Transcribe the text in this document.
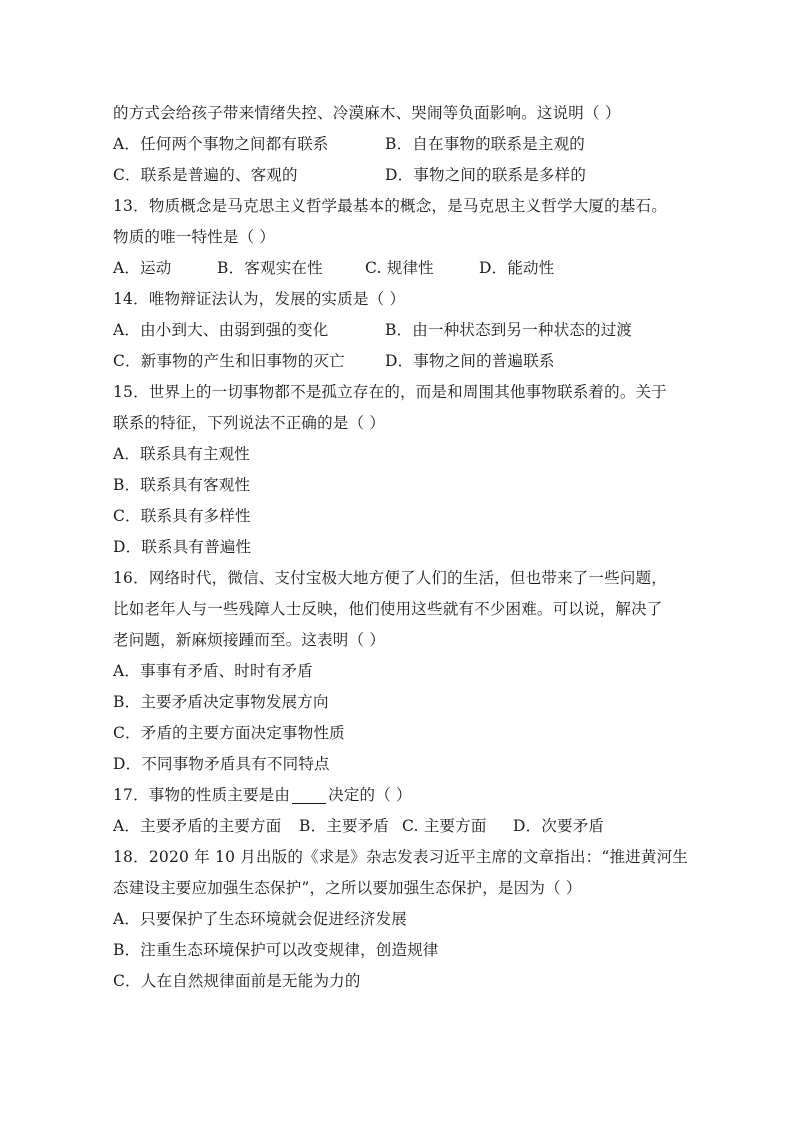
的方式会给孩子带来情绪失控、冷漠麻木、哭闹等负面影响。这说明（ ）
A．任何两个事物之间都有联系	B．自在事物的联系是主观的
C．联系是普遍的、客观的	D．事物之间的联系是多样的
13．物质概念是马克思主义哲学最基本的概念，是马克思主义哲学大厦的基石。
物质的唯一特性是（ ）
A．运动	B．客观实在性	C. 规律性	D．能动性
14．唯物辩证法认为，发展的实质是（ ）
A．由小到大、由弱到强的变化	B．由一种状态到另一种状态的过渡
C．新事物的产生和旧事物的灭亡	D．事物之间的普遍联系
15．世界上的一切事物都不是孤立存在的，而是和周围其他事物联系着的。关于
联系的特征，下列说法不正确的是（ ）
A．联系具有主观性
B．联系具有客观性
C．联系具有多样性
D．联系具有普遍性
16．网络时代，微信、支付宝极大地方便了人们的生活，但也带来了一些问题，
比如老年人与一些残障人士反映，他们使用这些就有不少困难。可以说，解决了
老问题，新麻烦接踵而至。这表明（ ）
A．事事有矛盾、时时有矛盾
B．主要矛盾决定事物发展方向
C．矛盾的主要方面决定事物性质
D．不同事物矛盾具有不同特点
17．事物的性质主要是由 决定的（ ）
A．主要矛盾的主要方面 B．主要矛盾 C. 主要方面 D．次要矛盾
18．2020 年 10 月出版的《求是》杂志发表习近平主席的文章指出：“推进黄河生
态建设主要应加强生态保护”，之所以要加强生态保护，是因为（ ）
A．只要保护了生态环境就会促进经济发展
B．注重生态环境保护可以改变规律，创造规律
C．人在自然规律面前是无能为力的
